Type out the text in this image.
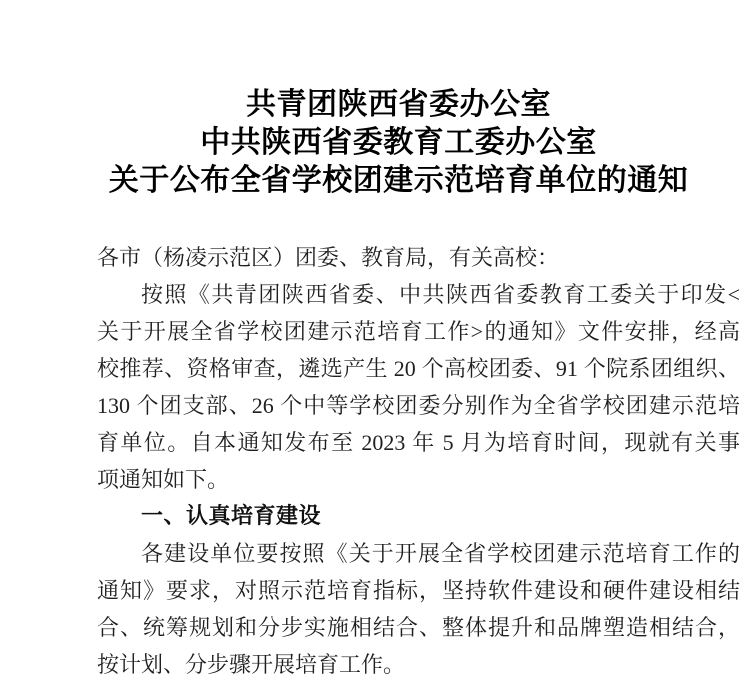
共青团陕西省委办公室
中共陕西省委教育工委办公室
关于公布全省学校团建示范培育单位的通知
各市（杨凌示范区）团委、教育局，有关高校：
按照《共青团陕西省委、中共陕西省委教育工委关于印发<
关于开展全省学校团建示范培育工作>的通知》文件安排，经高
校推荐、资格审查，遴选产生 20 个高校团委、91 个院系团组织、
130 个团支部、26 个中等学校团委分别作为全省学校团建示范培
育单位。自本通知发布至 2023 年 5 月为培育时间，现就有关事
项通知如下。
一、认真培育建设
各建设单位要按照《关于开展全省学校团建示范培育工作的
通知》要求，对照示范培育指标，坚持软件建设和硬件建设相结
合、统筹规划和分步实施相结合、整体提升和品牌塑造相结合，
按计划、分步骤开展培育工作。
